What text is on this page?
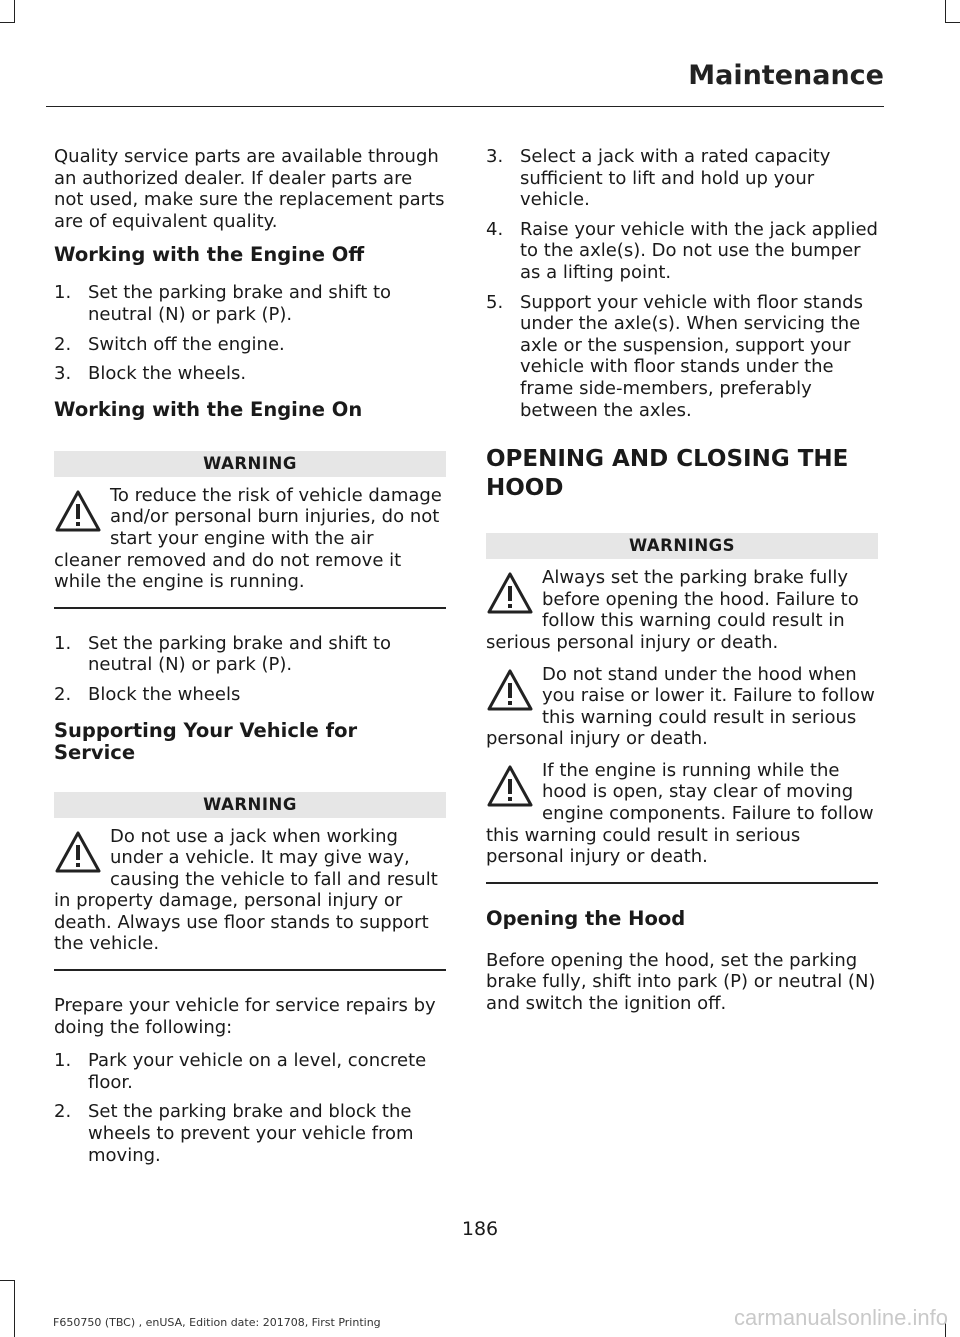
Maintenance

Quality service parts are available through an authorized dealer. If dealer parts are not used, make sure the replacement parts are of equivalent quality.

Working with the Engine Off
1. Set the parking brake and shift to neutral (N) or park (P).
2. Switch off the engine.
3. Block the wheels.
Working with the Engine On
WARNING
To reduce the risk of vehicle damage and/or personal burn injuries, do not start your engine with the air cleaner removed and do not remove it while the engine is running.
1. Set the parking brake and shift to neutral (N) or park (P).
2. Block the wheels
Supporting Your Vehicle for Service
WARNING
Do not use a jack when working under a vehicle. It may give way, causing the vehicle to fall and result in property damage, personal injury or death. Always use floor stands to support the vehicle.

Prepare your vehicle for service repairs by doing the following:

1. Park your vehicle on a level, concrete floor.
2. Set the parking brake and block the wheels to prevent your vehicle from moving.
3. Select a jack with a rated capacity sufficient to lift and hold up your vehicle.
4. Raise your vehicle with the jack applied to the axle(s). Do not use the bumper as a lifting point.
5. Support your vehicle with floor stands under the axle(s). When servicing the axle or the suspension, support your vehicle with floor stands under the frame side-members, preferably between the axles.
OPENING AND CLOSING THE
HOOD
WARNINGS
Always set the parking brake fully before opening the hood. Failure to follow this warning could result in serious personal injury or death.
Do not stand under the hood when you raise or lower it. Failure to follow this warning could result in serious personal injury or death.
If the engine is running while the hood is open, stay clear of moving engine components. Failure to follow this warning could result in serious personal injury or death.
Opening the Hood

Before opening the hood, set the parking brake fully, shift into park (P) or neutral (N) and switch the ignition off.

186
F650750 (TBC) , enUSA, Edition date: 201708, First Printing	carmanualsonline.info
